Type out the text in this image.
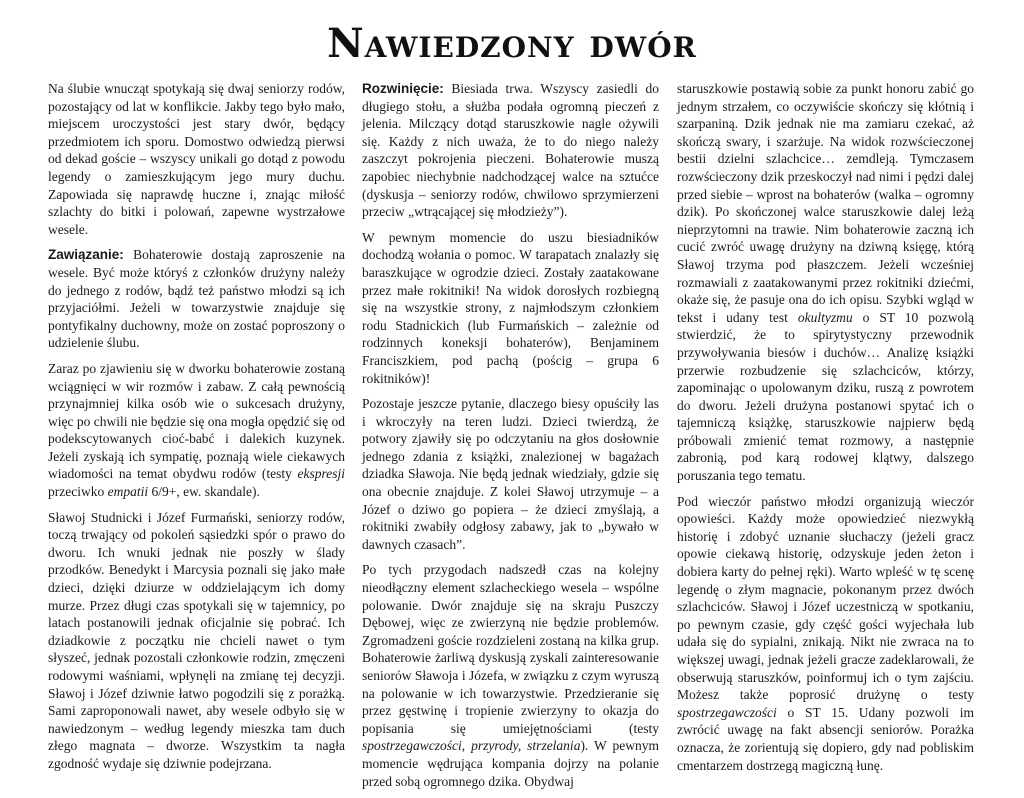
Nawiedzony dwór

Na ślubie wnucząt spotykają się dwaj seniorzy rodów, pozostający od lat w konflikcie. Jakby tego było mało, miejscem uroczystości jest stary dwór, będący przedmiotem ich sporu. Domostwo odwiedzą pierwsi od dekad goście – wszyscy unikali go dotąd z powodu legendy o zamieszkującym jego mury duchu. Zapowiada się naprawdę huczne i, znając miłość szlachty do bitki i polowań, zapewne wystrzałowe wesele.

Zawiązanie: Bohaterowie dostają zaproszenie na wesele. Być może któryś z członków drużyny należy do jednego z rodów, bądź też państwo młodzi są ich przyjaciółmi. Jeżeli w towarzystwie znajduje się pontyfikalny duchowny, może on zostać poproszony o udzielenie ślubu.

Zaraz po zjawieniu się w dworku bohaterowie zostaną wciągnięci w wir rozmów i zabaw. Z całą pewnością przynajmniej kilka osób wie o sukcesach drużyny, więc po chwili nie będzie się ona mogła opędzić się od podekscytowanych cioć-babć i dalekich kuzynek. Jeżeli zyskają ich sympatię, poznają wiele ciekawych wiadomości na temat obydwu rodów (testy ekspresji przeciwko empatii 6/9+, ew. skandale).

Sławoj Studnicki i Józef Furmański, seniorzy rodów, toczą trwający od pokoleń sąsiedzki spór o prawo do dworu. Ich wnuki jednak nie poszły w ślady przodków. Benedykt i Marcysia poznali się jako małe dzieci, dzięki dziurze w oddzielającym ich domy murze. Przez długi czas spotykali się w tajemnicy, po latach postanowili jednak oficjalnie się pobrać. Ich dziadkowie z początku nie chcieli nawet o tym słyszeć, jednak pozostali członkowie rodzin, zmęczeni rodowymi waśniami, wpłynęli na zmianę tej decyzji. Sławoj i Józef dziwnie łatwo pogodzili się z porażką. Sami zaproponowali nawet, aby wesele odbyło się w nawiedzonym – według legendy mieszka tam duch złego magnata – dworze. Wszystkim ta nagła zgodność wydaje się dziwnie podejrzana.

Rozwinięcie: Biesiada trwa. Wszyscy zasiedli do długiego stołu, a służba podała ogromną pieczeń z jelenia. Milczący dotąd staruszkowie nagle ożywili się. Każdy z nich uważa, że to do niego należy zaszczyt pokrojenia pieczeni. Bohaterowie muszą zapobiec niechybnie nadchodzącej walce na sztućce (dyskusja – seniorzy rodów, chwilowo sprzymierzeni przeciw „wtrącającej się młodzieży”).

W pewnym momencie do uszu biesiadników dochodzą wołania o pomoc. W tarapatach znalazły się baraszkujące w ogrodzie dzieci. Zostały zaatakowane przez małe rokitniki! Na widok dorosłych rozbiegną się na wszystkie strony, z najmłodszym członkiem rodu Stadnickich (lub Furmańskich – zależnie od rodzinnych koneksji bohaterów), Benjaminem Franciszkiem, pod pachą (pościg – grupa 6 rokitników)!

Pozostaje jeszcze pytanie, dlaczego biesy opuściły las i wkroczyły na teren ludzi. Dzieci twierdzą, że potwory zjawiły się po odczytaniu na głos dosłownie jednego zdania z książki, znalezionej w bagażach dziadka Sławoja. Nie będą jednak wiedziały, gdzie się ona obecnie znajduje. Z kolei Sławoj utrzymuje – a Józef o dziwo go popiera – że dzieci zmyślają, a rokitniki zwabiły odgłosy zabawy, jak to „bywało w dawnych czasach”.

Po tych przygodach nadszedł czas na kolejny nieodłączny element szlacheckiego wesela – wspólne polowanie. Dwór znajduje się na skraju Puszczy Dębowej, więc ze zwierzyną nie będzie problemów. Zgromadzeni goście rozdzieleni zostaną na kilka grup. Bohaterowie żarliwą dyskusją zyskali zainteresowanie seniorów Sławoja i Józefa, w związku z czym wyruszą na polowanie w ich towarzystwie. Przedzieranie się przez gęstwinę i tropienie zwierzyny to okazja do popisania się umiejętnościami (testy spostrzegawczości, przyrody, strzelania). W pewnym momencie wędrująca kompania dojrzy na polanie przed sobą ogromnego dzika. Obydwaj

staruszkowie postawią sobie za punkt honoru zabić go jednym strzałem, co oczywiście skończy się kłótnią i szarpaniną. Dzik jednak nie ma zamiaru czekać, aż skończą swary, i szarżuje. Na widok rozwścieczonej bestii dzielni szlachcice… zemdleją. Tymczasem rozwścieczony dzik przeskoczył nad nimi i pędzi dalej przed siebie – wprost na bohaterów (walka – ogromny dzik). Po skończonej walce staruszkowie dalej leżą nieprzytomni na trawie. Nim bohaterowie zaczną ich cucić zwróć uwagę drużyny na dziwną księgę, którą Sławoj trzyma pod płaszczem. Jeżeli wcześniej rozmawiali z zaatakowanymi przez rokitniki dziećmi, okaże się, że pasuje ona do ich opisu. Szybki wgląd w tekst i udany test okultyzmu o ST 10 pozwolą stwierdzić, że to spirytystyczny przewodnik przywoływania biesów i duchów… Analizę książki przerwie rozbudzenie się szlachciców, którzy, zapominając o upolowanym dziku, ruszą z powrotem do dworu. Jeżeli drużyna postanowi spytać ich o tajemniczą książkę, staruszkowie najpierw będą próbowali zmienić temat rozmowy, a następnie zabronią, pod karą rodowej klątwy, dalszego poruszania tego tematu.

Pod wieczór państwo młodzi organizują wieczór opowieści. Każdy może opowiedzieć niezwykłą historię i zdobyć uznanie słuchaczy (jeżeli gracz opowie ciekawą historię, odzyskuje jeden żeton i dobiera karty do pełnej ręki). Warto wpleść w tę scenę legendę o złym magnacie, pokonanym przez dwóch szlachciców. Sławoj i Józef uczestniczą w spotkaniu, po pewnym czasie, gdy część gości wyjechała lub udała się do sypialni, znikają. Nikt nie zwraca na to większej uwagi, jednak jeżeli gracze zadeklarowali, że obserwują staruszków, poinformuj ich o tym zajściu. Możesz także poprosić drużynę o testy spostrzegawczości o ST 15. Udany pozwoli im zwrócić uwagę na fakt absencji seniorów. Porażka oznacza, że zorientują się dopiero, gdy nad pobliskim cmentarzem dostrzegą magiczną łunę.
